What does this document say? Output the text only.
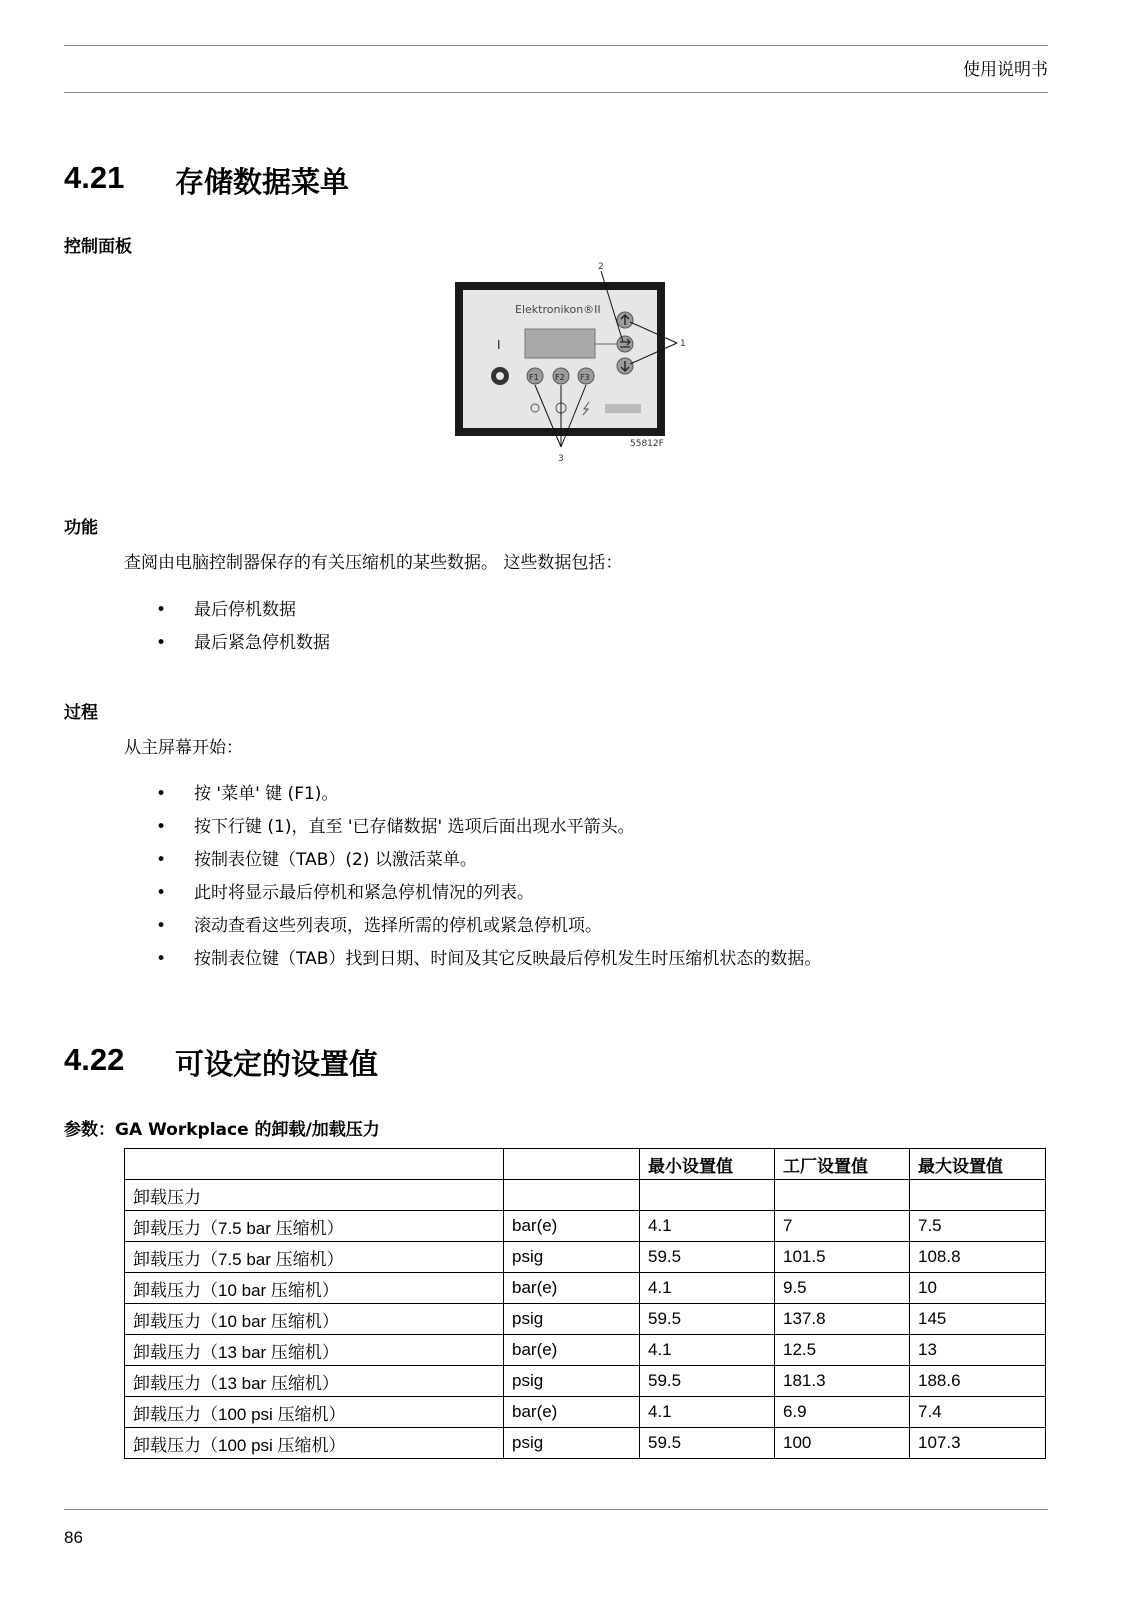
使用说明书
4.21 存储数据菜单
控制面板
Elektronikon®II
I
F1 F2 F3
2
1
3
55812F
功能
查阅由电脑控制器保存的有关压缩机的某些数据。 这些数据包括：
• 最后停机数据
• 最后紧急停机数据
过程
从主屏幕开始：
• 按 '菜单' 键 (F1)。
• 按下行键 (1)，直至 '已存储数据' 选项后面出现水平箭头。
• 按制表位键（TAB）(2) 以激活菜单。
• 此时将显示最后停机和紧急停机情况的列表。
• 滚动查看这些列表项，选择所需的停机或紧急停机项。
• 按制表位键（TAB）找到日期、时间及其它反映最后停机发生时压缩机状态的数据。
4.22 可设定的设置值
参数：GA Workplace 的卸载/加载压力
		最小设置值	工厂设置值	最大设置值
卸载压力				
卸载压力（7.5 bar 压缩机）	bar(e)	4.1	7	7.5
卸载压力（7.5 bar 压缩机）	psig	59.5	101.5	108.8
卸载压力（10 bar 压缩机）	bar(e)	4.1	9.5	10
卸载压力（10 bar 压缩机）	psig	59.5	137.8	145
卸载压力（13 bar 压缩机）	bar(e)	4.1	12.5	13
卸载压力（13 bar 压缩机）	psig	59.5	181.3	188.6
卸载压力（100 psi 压缩机）	bar(e)	4.1	6.9	7.4
卸载压力（100 psi 压缩机）	psig	59.5	100	107.3
86
